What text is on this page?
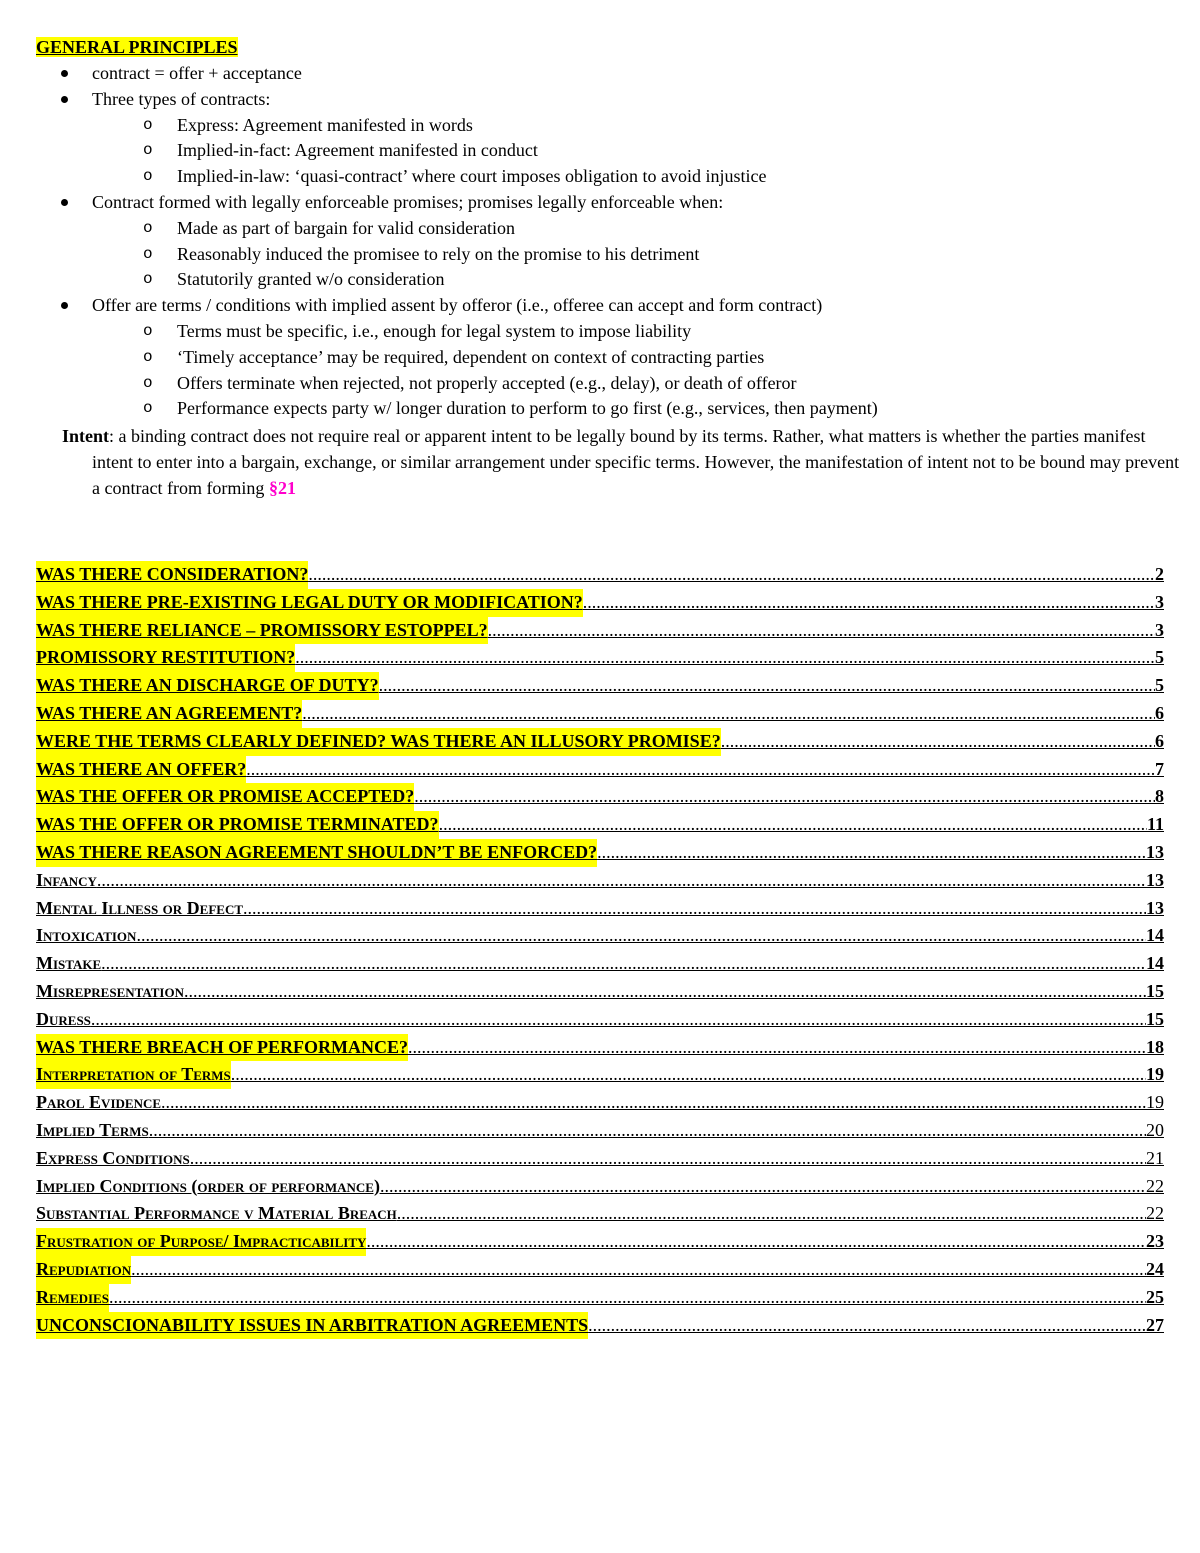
GENERAL PRINCIPLES
contract = offer + acceptance
Three types of contracts:
o Express: Agreement manifested in words
o Implied-in-fact: Agreement manifested in conduct
o Implied-in-law: ‘quasi-contract’ where court imposes obligation to avoid injustice
Contract formed with legally enforceable promises; promises legally enforceable when:
o Made as part of bargain for valid consideration
o Reasonably induced the promisee to rely on the promise to his detriment
o Statutorily granted w/o consideration
Offer are terms / conditions with implied assent by offeror (i.e., offeree can accept and form contract)
o Terms must be specific, i.e., enough for legal system to impose liability
o ‘Timely acceptance’ may be required, dependent on context of contracting parties
o Offers terminate when rejected, not properly accepted (e.g., delay), or death of offeror
o Performance expects party w/ longer duration to perform to go first (e.g., services, then payment)

Intent: a binding contract does not require real or apparent intent to be legally bound by its terms. Rather, what matters is whether the parties manifest intent to enter into a bargain, exchange, or similar arrangement under specific terms. However, the manifestation of intent not to be bound may prevent a contract from forming §21

WAS THERE CONSIDERATION? .....	2
WAS THERE PRE-EXISTING LEGAL DUTY OR MODIFICATION? .....	3
WAS THERE RELIANCE – PROMISSORY ESTOPPEL? .....	3
PROMISSORY RESTITUTION? .....	5
WAS THERE AN DISCHARGE OF DUTY? .....	5
WAS THERE AN AGREEMENT? .....	6
WERE THE TERMS CLEARLY DEFINED? WAS THERE AN ILLUSORY PROMISE? .....	6
WAS THERE AN OFFER? .....	7
WAS THE OFFER OR PROMISE ACCEPTED? .....	8
WAS THE OFFER OR PROMISE TERMINATED? .....	11
WAS THERE REASON AGREEMENT SHOULDN’T BE ENFORCED? .....	13
Infancy .....	13
Mental Illness or Defect .....	13
Intoxication .....	14
Mistake .....	14
Misrepresentation .....	15
Duress .....	15
WAS THERE BREACH OF PERFORMANCE? .....	18
Interpretation of Terms .....	19
Parol Evidence .....	19
Implied Terms .....	20
Express Conditions .....	21
Implied Conditions (order of performance) .....	22
Substantial Performance v Material Breach .....	22
Frustration of Purpose/ Impracticability .....	23
Repudiation .....	24
Remedies .....	25
UNCONSCIONABILITY ISSUES IN ARBITRATION AGREEMENTS .....	27
